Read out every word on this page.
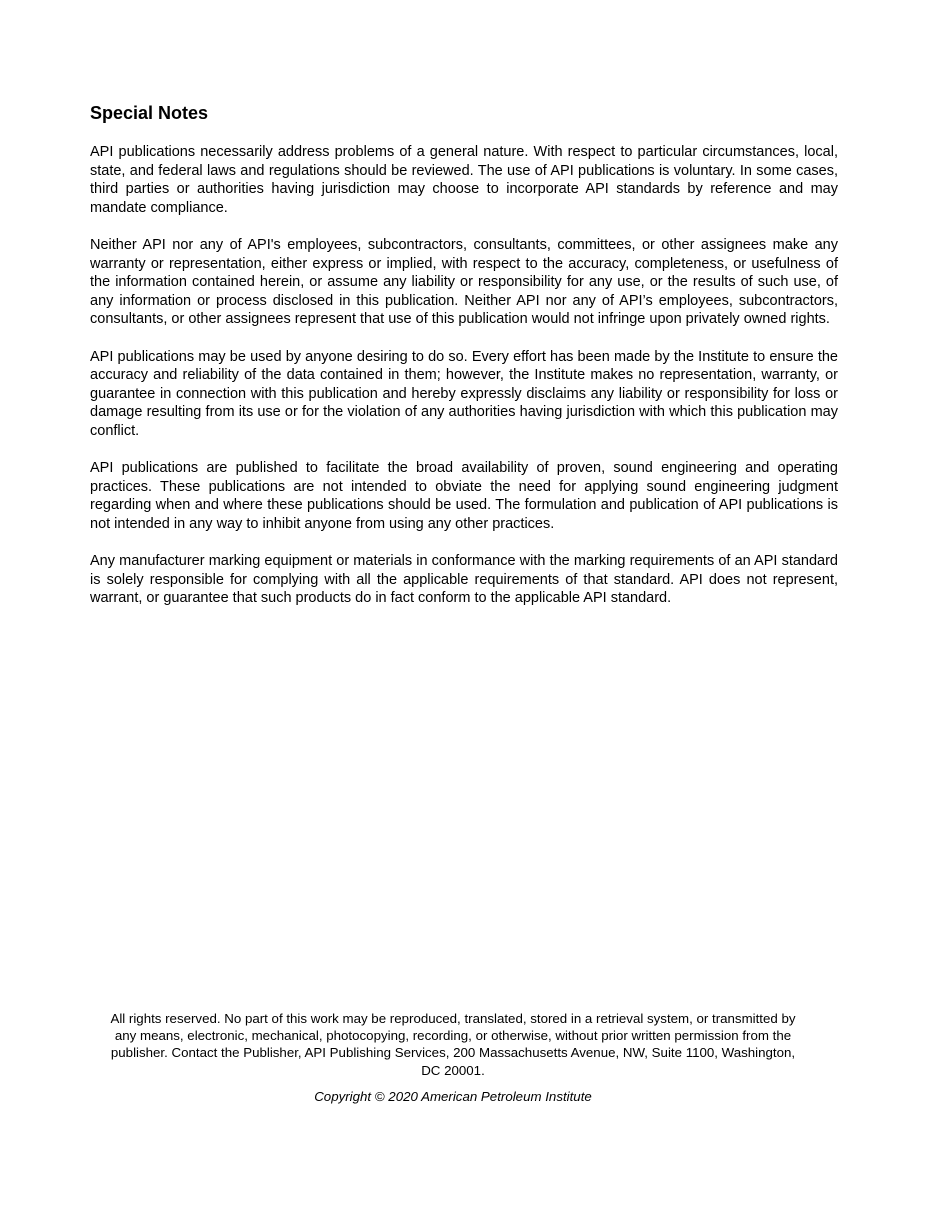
Special Notes

API publications necessarily address problems of a general nature. With respect to particular circumstances, local, state, and federal laws and regulations should be reviewed. The use of API publications is voluntary. In some cases, third parties or authorities having jurisdiction may choose to incorporate API standards by reference and may mandate compliance.

Neither API nor any of API's employees, subcontractors, consultants, committees, or other assignees make any warranty or representation, either express or implied, with respect to the accuracy, completeness, or usefulness of the information contained herein, or assume any liability or responsibility for any use, or the results of such use, of any information or process disclosed in this publication. Neither API nor any of API’s employees, subcontractors, consultants, or other assignees represent that use of this publication would not infringe upon privately owned rights.

API publications may be used by anyone desiring to do so. Every effort has been made by the Institute to ensure the accuracy and reliability of the data contained in them; however, the Institute makes no representation, warranty, or guarantee in connection with this publication and hereby expressly disclaims any liability or responsibility for loss or damage resulting from its use or for the violation of any authorities having jurisdiction with which this publication may conflict.

API publications are published to facilitate the broad availability of proven, sound engineering and operating practices. These publications are not intended to obviate the need for applying sound engineering judgment regarding when and where these publications should be used. The formulation and publication of API publications is not intended in any way to inhibit anyone from using any other practices.

Any manufacturer marking equipment or materials in conformance with the marking requirements of an API standard is solely responsible for complying with all the applicable requirements of that standard. API does not represent, warrant, or guarantee that such products do in fact conform to the applicable API standard.

All rights reserved. No part of this work may be reproduced, translated, stored in a retrieval system, or transmitted by any means, electronic, mechanical, photocopying, recording, or otherwise, without prior written permission from the publisher. Contact the Publisher, API Publishing Services, 200 Massachusetts Avenue, NW, Suite 1100, Washington, DC 20001.

Copyright © 2020 American Petroleum Institute
